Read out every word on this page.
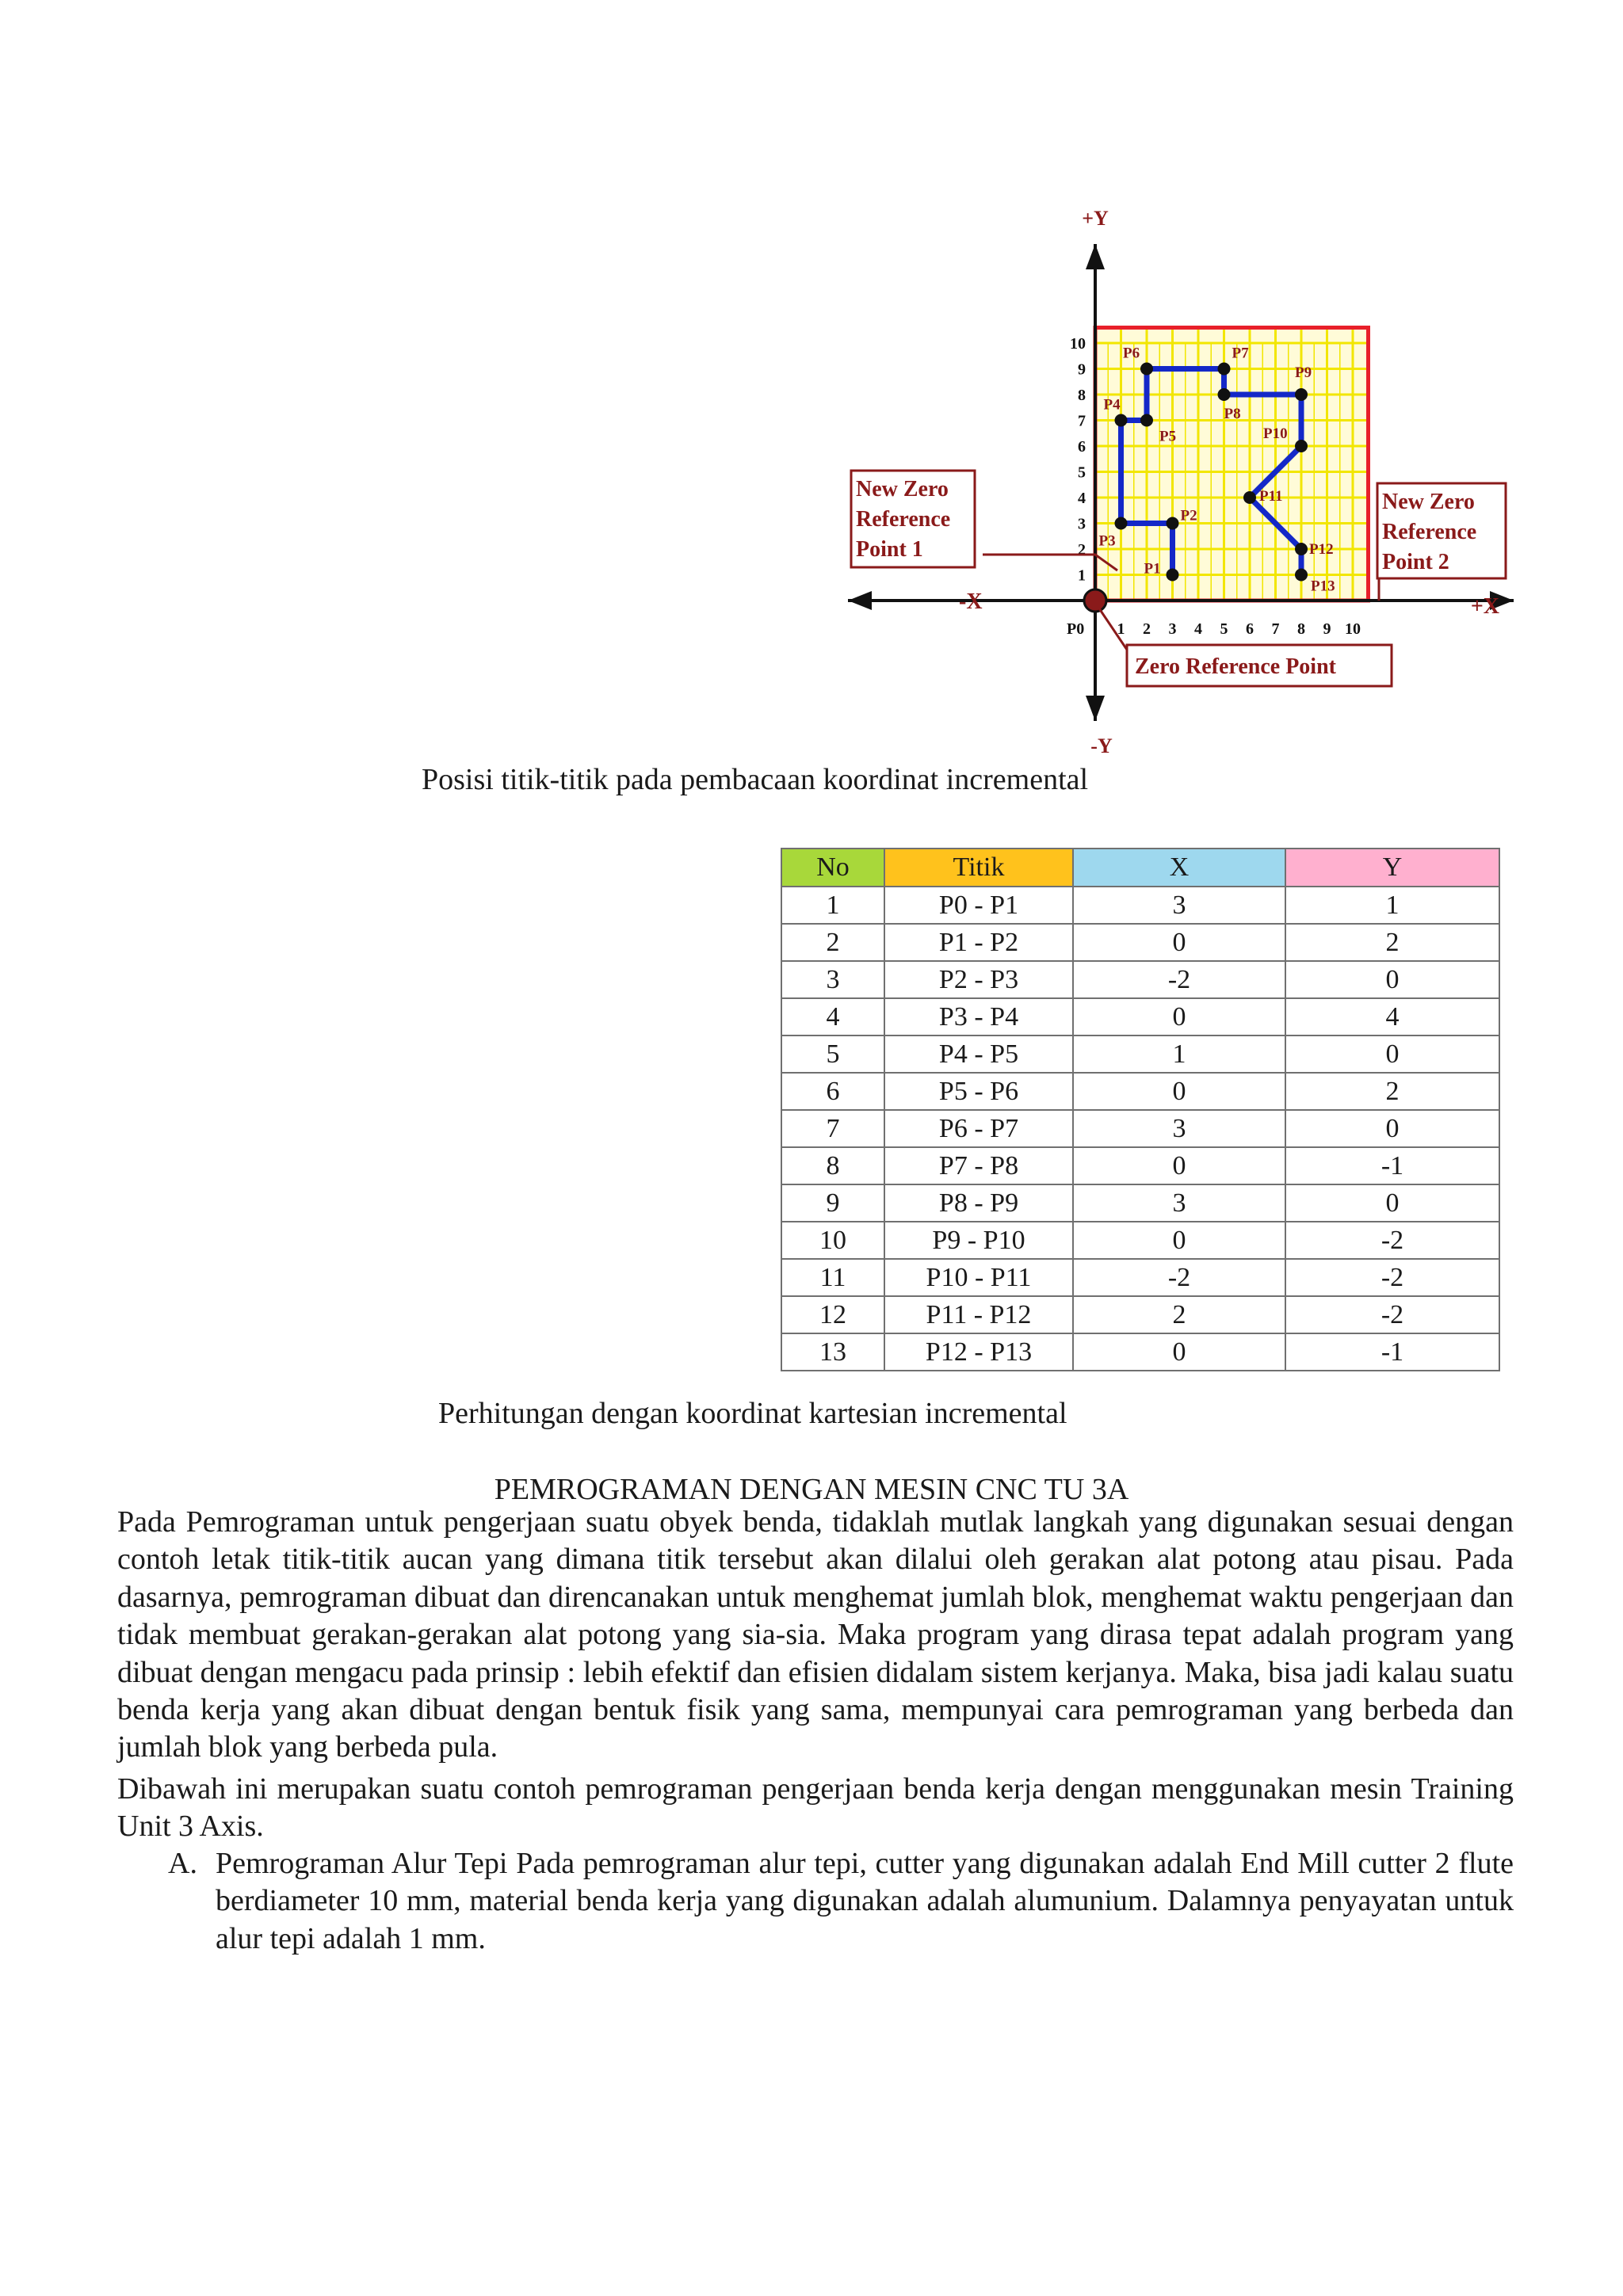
+Y
-Y
+X
-X
P0 1 2 3 4 5 6 7 8 9 10
1
2
3
4
5
6
7
8
9
10
P1
P2
P3
P4
P5
P6	P7
P8
P9
P10
P11
P12
P13
New Zero
Reference
Point 1
New Zero
Reference
Point 2
Zero Reference Point
Posisi titik-titik pada pembacaan koordinat incremental
No	Titik	X	Y
1	P0 - P1	3	1
2	P1 - P2	0	2
3	P2 - P3	-2	0
4	P3 - P4	0	4
5	P4 - P5	1	0
6	P5 - P6	0	2
7	P6 - P7	3	0
8	P7 - P8	0	-1
9	P8 - P9	3	0
10	P9 - P10	0	-2
11	P10 - P11	-2	-2
12	P11 - P12	2	-2
13	P12 - P13	0	-1
Perhitungan dengan koordinat kartesian incremental
PEMROGRAMAN DENGAN MESIN CNC TU 3A
Pada Pemrograman untuk pengerjaan suatu obyek benda, tidaklah mutlak langkah yang digunakan sesuai dengan contoh letak titik-titik aucan yang dimana titik tersebut akan dilalui oleh gerakan alat potong atau pisau. Pada dasarnya, pemrograman dibuat dan direncanakan untuk menghemat jumlah blok, menghemat waktu pengerjaan dan tidak membuat gerakan-gerakan alat potong yang sia-sia. Maka program yang dirasa tepat adalah program yang dibuat dengan mengacu pada prinsip : lebih efektif dan efisien didalam sistem kerjanya. Maka, bisa jadi kalau suatu benda kerja yang akan dibuat dengan bentuk fisik yang sama, mempunyai cara pemrograman yang berbeda dan jumlah blok yang berbeda pula.
Dibawah ini merupakan suatu contoh pemrograman pengerjaan benda kerja dengan menggunakan mesin Training Unit 3 Axis.
A. Pemrograman Alur Tepi Pada pemrograman alur tepi, cutter yang digunakan adalah End Mill cutter 2 flute berdiameter 10 mm, material benda kerja yang digunakan adalah alumunium. Dalamnya penyayatan untuk alur tepi adalah 1 mm.
